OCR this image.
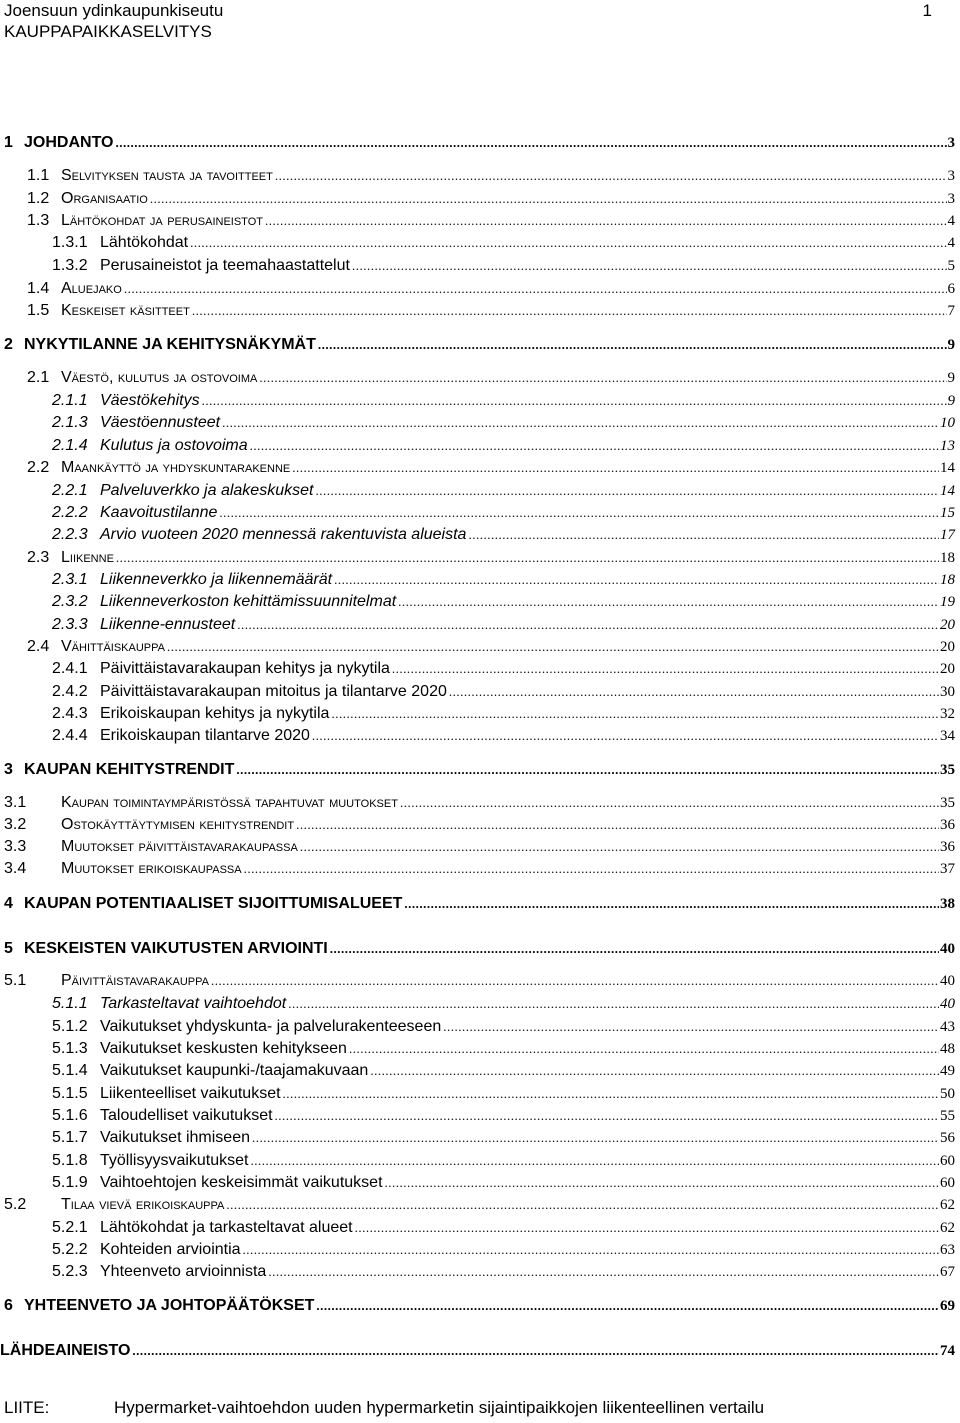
Joensuun ydinkaupunkiseutu
KAUPPAPAIKKASELVITYS
1
1 JOHDANTO .....	3
1.1 Selvityksen tausta ja tavoitteet .....	3
1.2 Organisaatio .....	3
1.3 Lähtökohdat ja perusaineistot .....	4
1.3.1 Lähtökohdat .....	4
1.3.2 Perusaineistot ja teemahaastattelut .....	5
1.4 Aluejako .....	6
1.5 Keskeiset käsitteet .....	7
2 NYKYTILANNE JA KEHITYSNÄKYMÄT .....	9
2.1 Väestö, kulutus ja ostovoima .....	9
2.1.1 Väestökehitys .....	9
2.1.3 Väestöennusteet .....	10
2.1.4 Kulutus ja ostovoima .....	13
2.2 Maankäyttö ja yhdyskuntarakenne .....	14
2.2.1 Palveluverkko ja alakeskukset .....	14
2.2.2 Kaavoitustilanne .....	15
2.2.3 Arvio vuoteen 2020 mennessä rakentuvista alueista .....	17
2.3 Liikenne .....	18
2.3.1 Liikenneverkko ja liikennemäärät .....	18
2.3.2 Liikenneverkoston kehittämissuunnitelmat .....	19
2.3.3 Liikenne-ennusteet .....	20
2.4 Vähittäiskauppa .....	20
2.4.1 Päivittäistavarakaupan kehitys ja nykytila .....	20
2.4.2 Päivittäistavarakaupan mitoitus ja tilantarve 2020 .....	30
2.4.3 Erikoiskaupan kehitys ja nykytila .....	32
2.4.4 Erikoiskaupan tilantarve 2020 .....	34
3 KAUPAN KEHITYSTRENDIT .....	35
3.1	Kaupan toimintaympäristössä tapahtuvat muutokset .....	35
3.2	Ostokäyttäytymisen kehitystrendit .....	36
3.3	Muutokset päivittäistavarakaupassa .....	36
3.4	Muutokset erikoiskaupassa .....	37
4 KAUPAN POTENTIAALISET SIJOITTUMISALUEET .....	38
5 KESKEISTEN VAIKUTUSTEN ARVIOINTI .....	40
5.1	Päivittäistavarakauppa .....	40
5.1.1 Tarkasteltavat vaihtoehdot .....	40
5.1.2 Vaikutukset yhdyskunta- ja palvelurakenteeseen .....	43
5.1.3 Vaikutukset keskusten kehitykseen .....	48
5.1.4 Vaikutukset kaupunki-/taajamakuvaan .....	49
5.1.5 Liikenteelliset vaikutukset .....	50
5.1.6 Taloudelliset vaikutukset .....	55
5.1.7 Vaikutukset ihmiseen .....	56
5.1.8 Työllisyysvaikutukset .....	60
5.1.9 Vaihtoehtojen keskeisimmät vaikutukset .....	60
5.2	Tilaa vievä erikoiskauppa .....	62
5.2.1 Lähtökohdat ja tarkasteltavat alueet .....	62
5.2.2 Kohteiden arviointia .....	63
5.2.3 Yhteenveto arvioinnista .....	67
6 YHTEENVETO JA JOHTOPÄÄTÖKSET .....	69
LÄHDEAINEISTO .....	74
LIITE:	Hypermarket-vaihtoehdon uuden hypermarketin sijaintipaikkojen liikenteellinen vertailu
